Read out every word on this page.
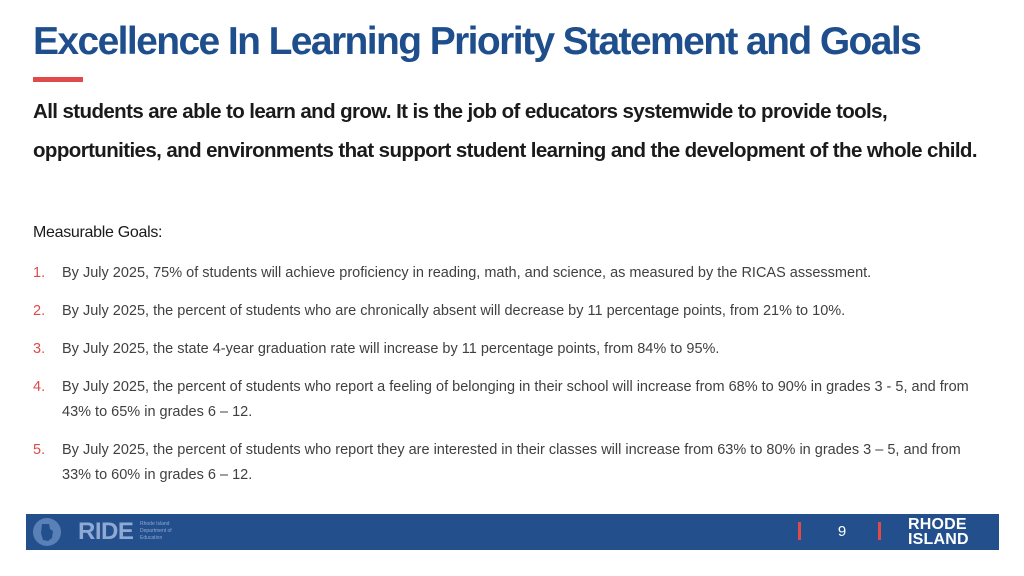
Excellence In Learning Priority Statement and Goals

All students are able to learn and grow. It is the job of educators systemwide to provide tools, opportunities, and environments that support student learning and the development of the whole child.

Measurable Goals:

1.	By July 2025, 75% of students will achieve proficiency in reading, math, and science, as measured by the RICAS assessment.
2.	By July 2025, the percent of students who are chronically absent will decrease by 11 percentage points, from 21% to 10%.
3.	By July 2025, the state 4-year graduation rate will increase by 11 percentage points, from 84% to 95%.
4.	By July 2025, the percent of students who report a feeling of belonging in their school will increase from 68% to 90% in grades 3 - 5, and from 43% to 65% in grades 6 – 12.
5.	By July 2025, the percent of students who report they are interested in their classes will increase from 63% to 80% in grades 3 – 5, and from 33% to 60% in grades 6 – 12.
RIDE Rhode Island Department of Education	9	RHODE
ISLAND
